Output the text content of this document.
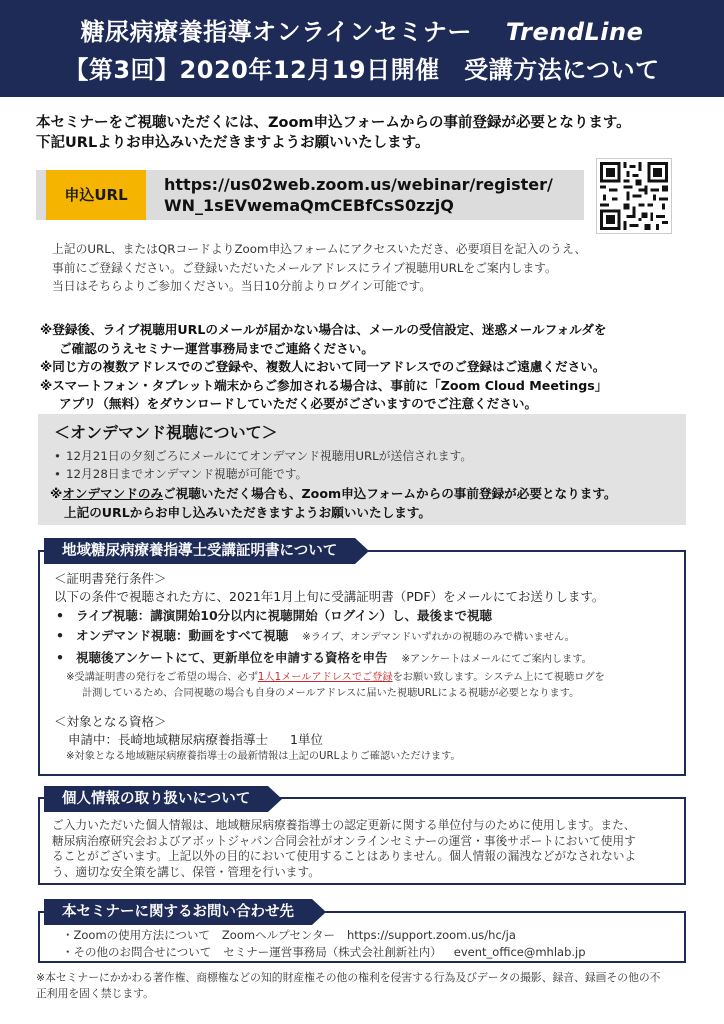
糖尿病療養指導オンラインセミナー TrendLine
【第3回】2020年12月19日開催　受講方法について
本セミナーをご視聴いただくには、Zoom申込フォームからの事前登録が必要となります。
下記URLよりお申込みいただきますようお願いいたします。
申込URL
https://us02web.zoom.us/webinar/register/
WN_1sEVwemaQmCEBfCsS0zzjQ
上記のURL、またはQRコードよりZoom申込フォームにアクセスいただき、必要項目を記入のうえ、
事前にご登録ください。ご登録いただいたメールアドレスにライブ視聴用URLをご案内します。
当日はそちらよりご参加ください。当日10分前よりログイン可能です。
※登録後、ライブ視聴用URLのメールが届かない場合は、メールの受信設定、迷惑メールフォルダを
ご確認のうえセミナー運営事務局までご連絡ください。
※同じ方の複数アドレスでのご登録や、複数人において同一アドレスでのご登録はご遠慮ください。
※スマートフォン・タブレット端末からご参加される場合は、事前に「Zoom Cloud Meetings」
アプリ（無料）をダウンロードしていただく必要がございますのでご注意ください。
＜オンデマンド視聴について＞
• 12月21日の夕刻ごろにメールにてオンデマンド視聴用URLが送信されます。
• 12月28日までオンデマンド視聴が可能です。
※オンデマンドのみご視聴いただく場合も、Zoom申込フォームからの事前登録が必要となります。
上記のURLからお申し込みいただきますようお願いいたします。
地域糖尿病療養指導士受講証明書について
＜証明書発行条件＞
以下の条件で視聴された方に、2021年1月上旬に受講証明書（PDF）をメールにてお送りします。
• ライブ視聴：講演開始10分以内に視聴開始（ログイン）し、最後まで視聴
• オンデマンド視聴：動画をすべて視聴 ※ライブ、オンデマンドいずれかの視聴のみで構いません。
• 視聴後アンケートにて、更新単位を申請する資格を申告 ※アンケートはメールにてご案内します。
※受講証明書の発行をご希望の場合、必ず1人1メールアドレスでご登録をお願い致します。システム上にて視聴ログを
計測しているため、合同視聴の場合も自身のメールアドレスに届いた視聴URLによる視聴が必要となります。
＜対象となる資格＞
申請中：長崎地域糖尿病療養指導士 1単位
※対象となる地域糖尿病療養指導士の最新情報は上記のURLよりご確認いただけます。
個人情報の取り扱いについて
ご入力いただいた個人情報は、地域糖尿病療養指導士の認定更新に関する単位付与のために使用します。また、
糖尿病治療研究会およびアボットジャパン合同会社がオンラインセミナーの運営・事後サポートにおいて使用す
ることがございます。上記以外の目的において使用することはありません。個人情報の漏洩などがなされないよ
う、適切な安全策を講じ、保管・管理を行います。
本セミナーに関するお問い合わせ先
・Zoomの使用方法について Zoomヘルプセンター https://support.zoom.us/hc/ja
・その他のお問合せについて セミナー運営事務局（株式会社創新社内） event_office@mhlab.jp
※本セミナーにかかわる著作権、商標権などの知的財産権その他の権利を侵害する行為及びデータの撮影、録音、録画その他の不
正利用を固く禁じます。
